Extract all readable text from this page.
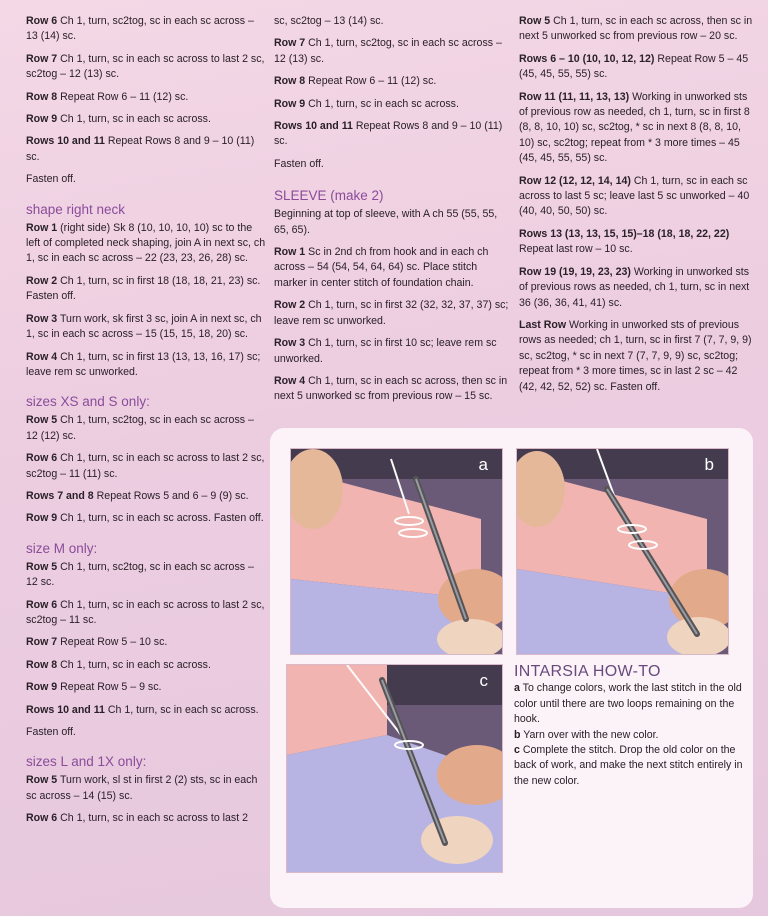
Row 6 Ch 1, turn, sc2tog, sc in each sc across – 13 (14) sc.

Row 7 Ch 1, turn, sc in each sc across to last 2 sc, sc2tog – 12 (13) sc.

Row 8 Repeat Row 6 – 11 (12) sc.

Row 9 Ch 1, turn, sc in each sc across.

Rows 10 and 11 Repeat Rows 8 and 9 – 10 (11) sc.

Fasten off.

shape right neck

Row 1 (right side) Sk 8 (10, 10, 10, 10) sc to the left of completed neck shaping, join A in next sc, ch 1, sc in each sc across – 22 (23, 23, 26, 28) sc.

Row 2 Ch 1, turn, sc in first 18 (18, 18, 21, 23) sc. Fasten off.

Row 3 Turn work, sk first 3 sc, join A in next sc, ch 1, sc in each sc across – 15 (15, 15, 18, 20) sc.

Row 4 Ch 1, turn, sc in first 13 (13, 13, 16, 17) sc; leave rem sc unworked.

sizes XS and S only:

Row 5 Ch 1, turn, sc2tog, sc in each sc across – 12 (12) sc.

Row 6 Ch 1, turn, sc in each sc across to last 2 sc, sc2tog – 11 (11) sc.

Rows 7 and 8 Repeat Rows 5 and 6 – 9 (9) sc.

Row 9 Ch 1, turn, sc in each sc across. Fasten off.

size M only:

Row 5 Ch 1, turn, sc2tog, sc in each sc across – 12 sc.

Row 6 Ch 1, turn, sc in each sc across to last 2 sc, sc2tog – 11 sc.

Row 7 Repeat Row 5 – 10 sc.

Row 8 Ch 1, turn, sc in each sc across.

Row 9 Repeat Row 5 – 9 sc.

Rows 10 and 11 Ch 1, turn, sc in each sc across.

Fasten off.

sizes L and 1X only:

Row 5 Turn work, sl st in first 2 (2) sts, sc in each sc across – 14 (15) sc.

Row 6 Ch 1, turn, sc in each sc across to last 2

sc, sc2tog – 13 (14) sc.

Row 7 Ch 1, turn, sc2tog, sc in each sc across – 12 (13) sc.

Row 8 Repeat Row 6 – 11 (12) sc.

Row 9 Ch 1, turn, sc in each sc across.

Rows 10 and 11 Repeat Rows 8 and 9 – 10 (11) sc.

Fasten off.

SLEEVE (make 2)

Beginning at top of sleeve, with A ch 55 (55, 55, 65, 65).

Row 1 Sc in 2nd ch from hook and in each ch across – 54 (54, 54, 64, 64) sc. Place stitch marker in center stitch of foundation chain.

Row 2 Ch 1, turn, sc in first 32 (32, 32, 37, 37) sc; leave rem sc unworked.

Row 3 Ch 1, turn, sc in first 10 sc; leave rem sc unworked.

Row 4 Ch 1, turn, sc in each sc across, then sc in next 5 unworked sc from previous row – 15 sc.

Row 5 Ch 1, turn, sc in each sc across, then sc in next 5 unworked sc from previous row – 20 sc.

Rows 6 – 10 (10, 10, 12, 12) Repeat Row 5 – 45 (45, 45, 55, 55) sc.

Row 11 (11, 11, 13, 13) Working in unworked sts of previous row as needed, ch 1, turn, sc in first 8 (8, 8, 10, 10) sc, sc2tog, * sc in next 8 (8, 8, 10, 10) sc, sc2tog; repeat from * 3 more times – 45 (45, 45, 55, 55) sc.

Row 12 (12, 12, 14, 14) Ch 1, turn, sc in each sc across to last 5 sc; leave last 5 sc unworked – 40 (40, 40, 50, 50) sc.

Rows 13 (13, 13, 15, 15)–18 (18, 18, 22, 22) Repeat last row – 10 sc.

Row 19 (19, 19, 23, 23) Working in unworked sts of previous rows as needed, ch 1, turn, sc in next 36 (36, 36, 41, 41) sc.

Last Row Working in unworked sts of previous rows as needed; ch 1, turn, sc in first 7 (7, 7, 9, 9) sc, sc2tog, * sc in next 7 (7, 7, 9, 9) sc, sc2tog; repeat from * 3 more times, sc in last 2 sc – 42 (42, 42, 52, 52) sc. Fasten off.

a	b
c INTARSIA HOW-TO

a To change colors, work the last stitch in the old color until there are two loops remaining on the hook.

b Yarn over with the new color.

c Complete the stitch. Drop the old color on the back of work, and make the next stitch entirely in the new color.
